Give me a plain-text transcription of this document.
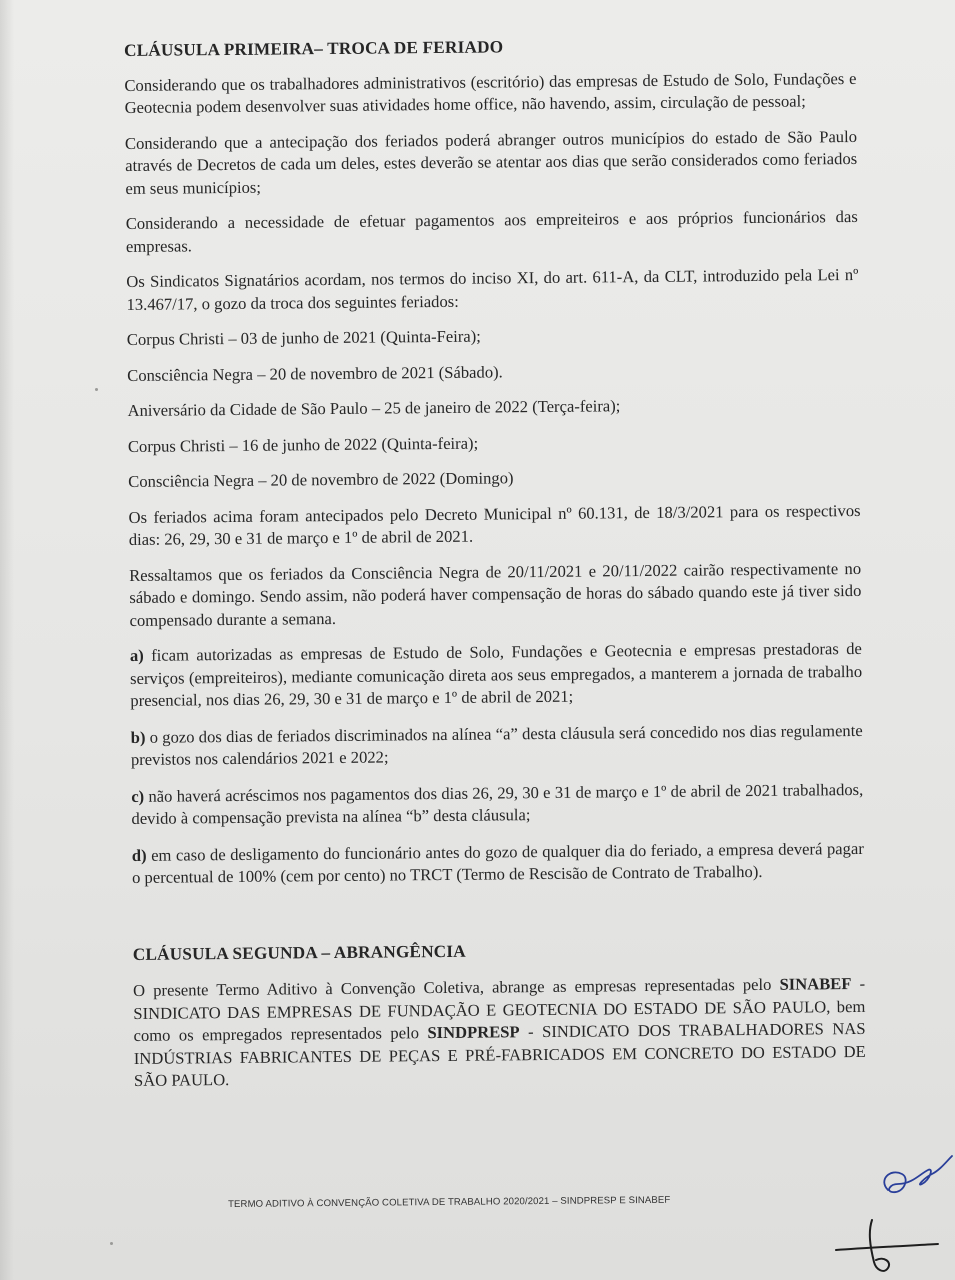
CLÁUSULA PRIMEIRA– TROCA DE FERIADO

Considerando que os trabalhadores administrativos (escritório) das empresas de Estudo de Solo, Fundações e Geotecnia podem desenvolver suas atividades home office, não havendo, assim, circulação de pessoal;

Considerando que a antecipação dos feriados poderá abranger outros municípios do estado de São Paulo através de Decretos de cada um deles, estes deverão se atentar aos dias que serão considerados como feriados em seus municípios;

Considerando a necessidade de efetuar pagamentos aos empreiteiros e aos próprios funcionários das empresas.

Os Sindicatos Signatários acordam, nos termos do inciso XI, do art. 611-A, da CLT, introduzido pela Lei nº 13.467/17, o gozo da troca dos seguintes feriados:

Corpus Christi – 03 de junho de 2021 (Quinta-Feira);

Consciência Negra – 20 de novembro de 2021 (Sábado).

Aniversário da Cidade de São Paulo – 25 de janeiro de 2022 (Terça-feira);

Corpus Christi – 16 de junho de 2022 (Quinta-feira);

Consciência Negra – 20 de novembro de 2022 (Domingo)

Os feriados acima foram antecipados pelo Decreto Municipal nº 60.131, de 18/3/2021 para os respectivos dias: 26, 29, 30 e 31 de março e 1º de abril de 2021.

Ressaltamos que os feriados da Consciência Negra de 20/11/2021 e 20/11/2022 cairão respectivamente no sábado e domingo. Sendo assim, não poderá haver compensação de horas do sábado quando este já tiver sido compensado durante a semana.

a) ficam autorizadas as empresas de Estudo de Solo, Fundações e Geotecnia e empresas prestadoras de serviços (empreiteiros), mediante comunicação direta aos seus empregados, a manterem a jornada de trabalho presencial, nos dias 26, 29, 30 e 31 de março e 1º de abril de 2021;

b) o gozo dos dias de feriados discriminados na alínea “a” desta cláusula será concedido nos dias regulamente previstos nos calendários 2021 e 2022;

c) não haverá acréscimos nos pagamentos dos dias 26, 29, 30 e 31 de março e 1º de abril de 2021 trabalhados, devido à compensação prevista na alínea “b” desta cláusula;

d) em caso de desligamento do funcionário antes do gozo de qualquer dia do feriado, a empresa deverá pagar o percentual de 100% (cem por cento) no TRCT (Termo de Rescisão de Contrato de Trabalho).

CLÁUSULA SEGUNDA – ABRANGÊNCIA

O presente Termo Aditivo à Convenção Coletiva, abrange as empresas representadas pelo SINABEF - SINDICATO DAS EMPRESAS DE FUNDAÇÃO E GEOTECNIA DO ESTADO DE SÃO PAULO, bem como os empregados representados pelo SINDPRESP - SINDICATO DOS TRABALHADORES NAS INDÚSTRIAS FABRICANTES DE PEÇAS E PRÉ-FABRICADOS EM CONCRETO DO ESTADO DE SÃO PAULO.

TERMO ADITIVO À CONVENÇÃO COLETIVA DE TRABALHO 2020/2021 – SINDPRESP E SINABEF
